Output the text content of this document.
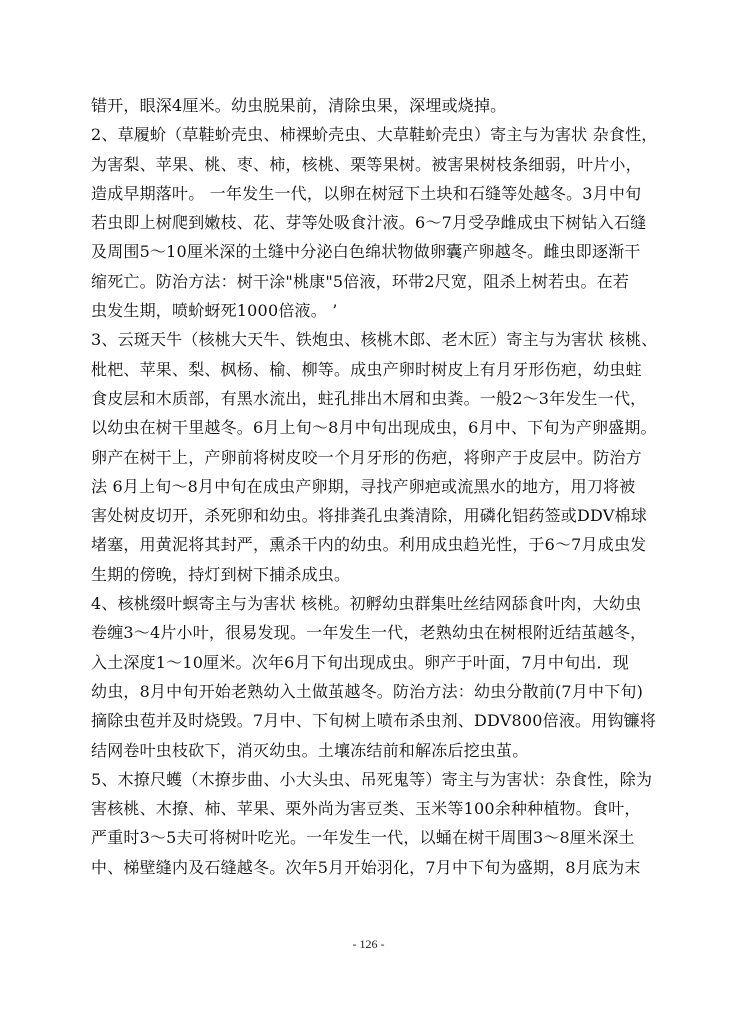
错开，眼深4厘米。幼虫脱果前，清除虫果，深埋或烧掉。
2、草履蚧（草鞋蚧壳虫、柿裸蚧壳虫、大草鞋蚧壳虫）寄主与为害状 杂食性，
为害梨、苹果、桃、枣、柿，核桃、栗等果树。被害果树枝条细弱，叶片小，
造成早期落叶。 一年发生一代，以卵在树冠下土块和石缝等处越冬。3月中旬
若虫即上树爬到嫩枝、花、芽等处吸食汁液。6～7月受孕雌成虫下树钻入石缝
及周围5～10厘米深的土缝中分泌白色绵状物做卵囊产卵越冬。雌虫即逐渐干
缩死亡。防治方法：树干涂"桃康"5倍液，环带2尺宽，阻杀上树若虫。在若
虫发生期，喷蚧蚜死1000倍液。 ’
3、云斑天牛（核桃大天牛、铁炮虫、核桃木郎、老木匠）寄主与为害状 核桃、
枇杷、苹果、梨、枫杨、榆、柳等。成虫产卵时树皮上有月牙形伤疤，幼虫蛀
食皮层和木质部，有黑水流出，蛀孔排出木屑和虫粪。一般2～3年发生一代，
以幼虫在树干里越冬。6月上旬～8月中旬出现成虫，6月中、下旬为产卵盛期。
卵产在树干上，产卵前将树皮咬一个月牙形的伤疤，将卵产于皮层中。防治方
法 6月上旬～8月中旬在成虫产卵期，寻找产卵疤或流黑水的地方，用刀将被
害处树皮切开，杀死卵和幼虫。将排粪孔虫粪清除，用磷化铝药签或DDV棉球
堵塞，用黄泥将其封严，熏杀干内的幼虫。利用成虫趋光性，于6～7月成虫发
生期的傍晚，持灯到树下捕杀成虫。
4、核桃缀叶螟寄主与为害状 核桃。初孵幼虫群集吐丝结网舔食叶肉，大幼虫
卷缠3～4片小叶，很易发现。一年发生一代，老熟幼虫在树根附近结茧越冬，
入土深度1～10厘米。次年6月下旬出现成虫。卵产于叶面，7月中旬出．现
幼虫，8月中旬开始老熟幼入土做茧越冬。防治方法：幼虫分散前(7月中下旬)
摘除虫苞并及时烧毁。7月中、下旬树上喷布杀虫剂、DDV800倍液。用钩镰将
结网卷叶虫枝砍下，消灭幼虫。土壤冻结前和解冻后挖虫茧。
5、木撩尺蠖（木撩步曲、小大头虫、吊死鬼等）寄主与为害状：杂食性，除为
害核桃、木撩、柿、苹果、栗外尚为害豆类、玉米等100余种种植物。食叶，
严重时3～5夫可将树叶吃光。一年发生一代，以蛹在树干周围3～8厘米深土
中、梯壁缝内及石缝越冬。次年5月开始羽化，7月中下旬为盛期，8月底为末
- 126 -
